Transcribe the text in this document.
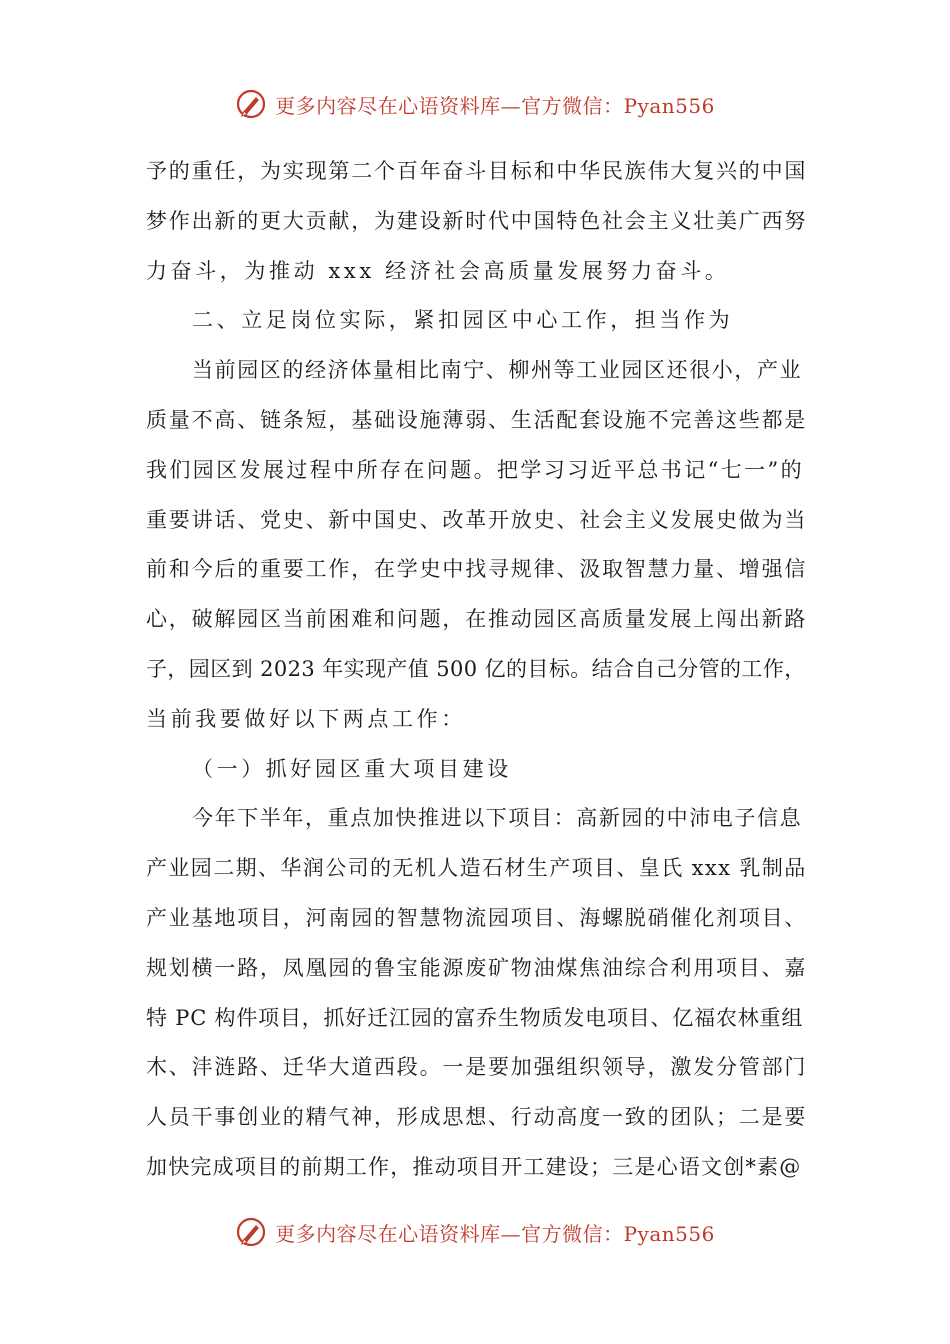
更多内容尽在心语资料库—官方微信：Pyan556
予的重任，为实现第二个百年奋斗目标和中华民族伟大复兴的中国
梦作出新的更大贡献，为建设新时代中国特色社会主义壮美广西努
力奋斗，为推动 xxx 经济社会高质量发展努力奋斗。
二、立足岗位实际，紧扣园区中心工作，担当作为
当前园区的经济体量相比南宁、柳州等工业园区还很小，产业
质量不高、链条短，基础设施薄弱、生活配套设施不完善这些都是
我们园区发展过程中所存在问题。把学习习近平总书记“七一”的
重要讲话、党史、新中国史、改革开放史、社会主义发展史做为当
前和今后的重要工作，在学史中找寻规律、汲取智慧力量、增强信
心，破解园区当前困难和问题，在推动园区高质量发展上闯出新路
子，园区到 2023 年实现产值 500 亿的目标。结合自己分管的工作，
当前我要做好以下两点工作：
（一）抓好园区重大项目建设
今年下半年，重点加快推进以下项目：高新园的中沛电子信息
产业园二期、华润公司的无机人造石材生产项目、皇氏 xxx 乳制品
产业基地项目，河南园的智慧物流园项目、海螺脱硝催化剂项目、
规划横一路，凤凰园的鲁宝能源废矿物油煤焦油综合利用项目、嘉
特 PC 构件项目，抓好迁江园的富乔生物质发电项目、亿福农林重组
木、沣涟路、迁华大道西段。一是要加强组织领导，激发分管部门
人员干事创业的精气神，形成思想、行动高度一致的团队；二是要
加快完成项目的前期工作，推动项目开工建设；三是心语文创*素@
更多内容尽在心语资料库—官方微信：Pyan556
